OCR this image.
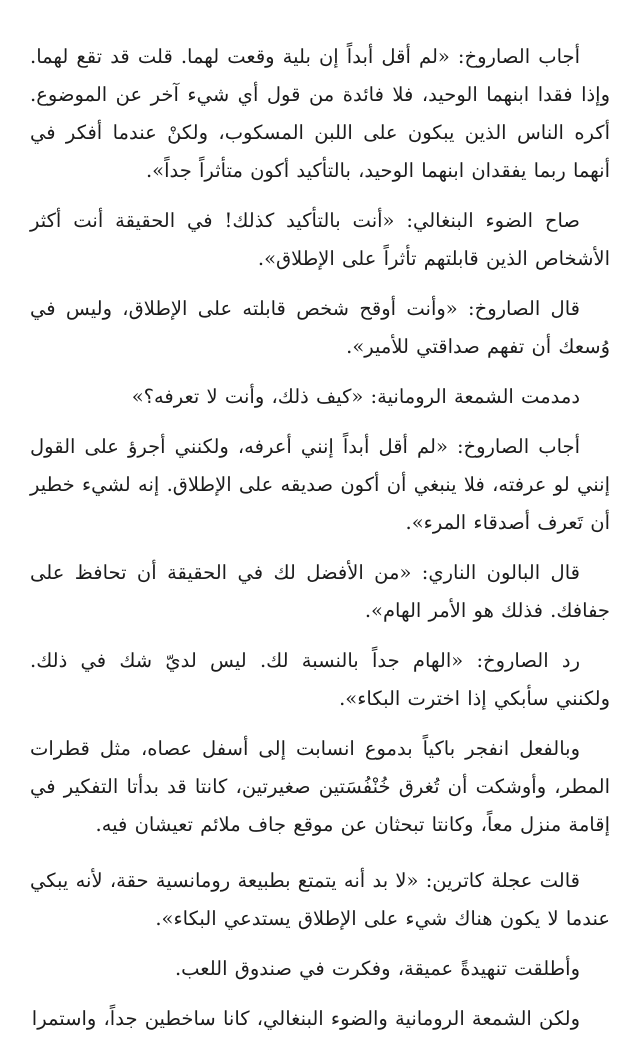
أجاب الصاروخ: «لم أقل أبداً إن بلية وقعت لهما. قلت قد تقع لهما. وإذا فقدا ابنهما الوحيد، فلا فائدة من قول أي شيء آخر عن الموضوع. أكره الناس الذين يبكون على اللبن المسكوب، ولكنْ عندما أفكر في أنهما ربما يفقدان ابنهما الوحيد، بالتأكيد أكون متأثراً جداً».

صاح الضوء البنغالي: «أنت بالتأكيد كذلك! في الحقيقة أنت أكثر الأشخاص الذين قابلتهم تأثراً على الإطلاق».

قال الصاروخ: «وأنت أوقح شخص قابلته على الإطلاق، وليس في وُسعك أن تفهم صداقتي للأمير».

دمدمت الشمعة الرومانية: «كيف ذلك، وأنت لا تعرفه؟»

أجاب الصاروخ: «لم أقل أبداً إنني أعرفه، ولكنني أجرؤ على القول إنني لو عرفته، فلا ينبغي أن أكون صديقه على الإطلاق. إنه لشيء خطير أن تَعرف أصدقاء المرء».

قال البالون الناري: «من الأفضل لك في الحقيقة أن تحافظ على جفافك. فذلك هو الأمر الهام».

رد الصاروخ: «الهام جداً بالنسبة لك. ليس لديّ شك في ذلك. ولكنني سأبكي إذا اخترت البكاء».

وبالفعل انفجر باكياً بدموع انسابت إلى أسفل عصاه، مثل قطرات المطر، وأوشكت أن تُغرق خُنْفُسَتين صغيرتين، كانتا قد بدأتا التفكير في إقامة منزل معاً، وكانتا تبحثان عن موقع جاف ملائم تعيشان فيه.

قالت عجلة كاترين: «لا بد أنه يتمتع بطبيعة رومانسية حقة، لأنه يبكي عندما لا يكون هناك شيء على الإطلاق يستدعي البكاء».

وأطلقت تنهيدةً عميقة، وفكرت في صندوق اللعب.

ولكن الشمعة الرومانية والضوء البنغالي، كانا ساخطين جداً، واستمرا
